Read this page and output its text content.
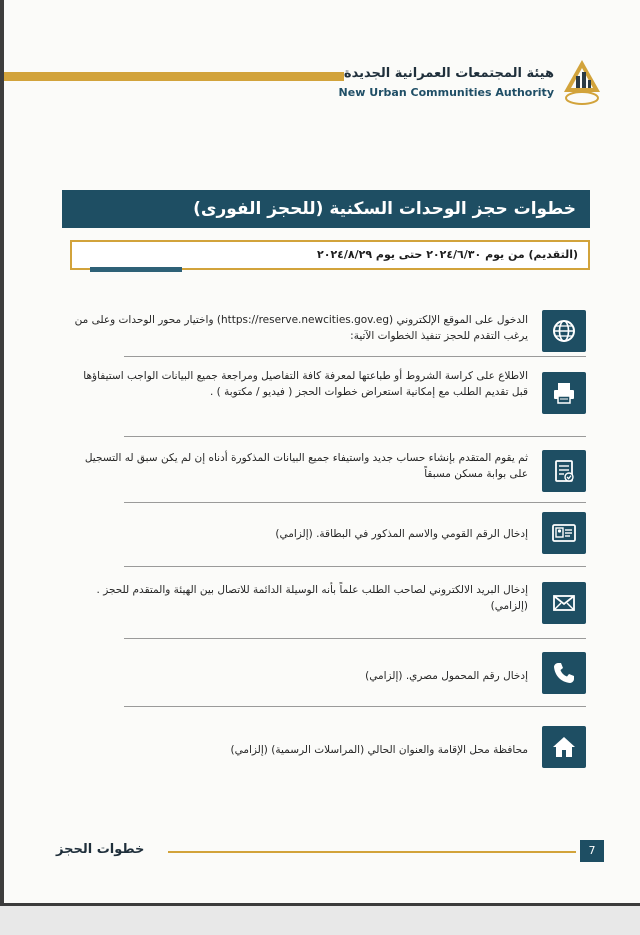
هيئة المجتمعات العمرانية الجديدة
New Urban Communities Authority
خطوات حجز الوحدات السكنية (للحجز الفورى)
(التقديم) من يوم ٢٠٢٤/٦/٣٠ حتى يوم ٢٠٢٤/٨/٢٩
الدخول على الموقع الإلكتروني (https://reserve.newcities.gov.eg) واختيار محور الوحدات وعلى من يرغب التقدم للحجز تنفيذ الخطوات الآتية:
الاطلاع على كراسة الشروط أو طباعتها لمعرفة كافة التفاصيل ومراجعة جميع البيانات الواجب استيفاؤها قبل تقديم الطلب مع إمكانية استعراض خطوات الحجز ( فيديو / مكتوبة ) .
ثم يقوم المتقدم بإنشاء حساب جديد واستيفاء جميع البيانات المذكورة أدناه إن لم يكن سبق له التسجيل على بوابة مسكن مسبقاً
إدخال الرقم القومي والاسم المذكور في البطاقة. (إلزامي)
إدخال البريد الالكتروني لصاحب الطلب علماً بأنه الوسيلة الدائمة للاتصال بين الهيئة والمتقدم للحجز . (إلزامي)
إدخال رقم المحمول مصري. (إلزامي)
محافظة محل الإقامة والعنوان الحالي (المراسلات الرسمية) (إلزامي)
خطوات الحجز	7
